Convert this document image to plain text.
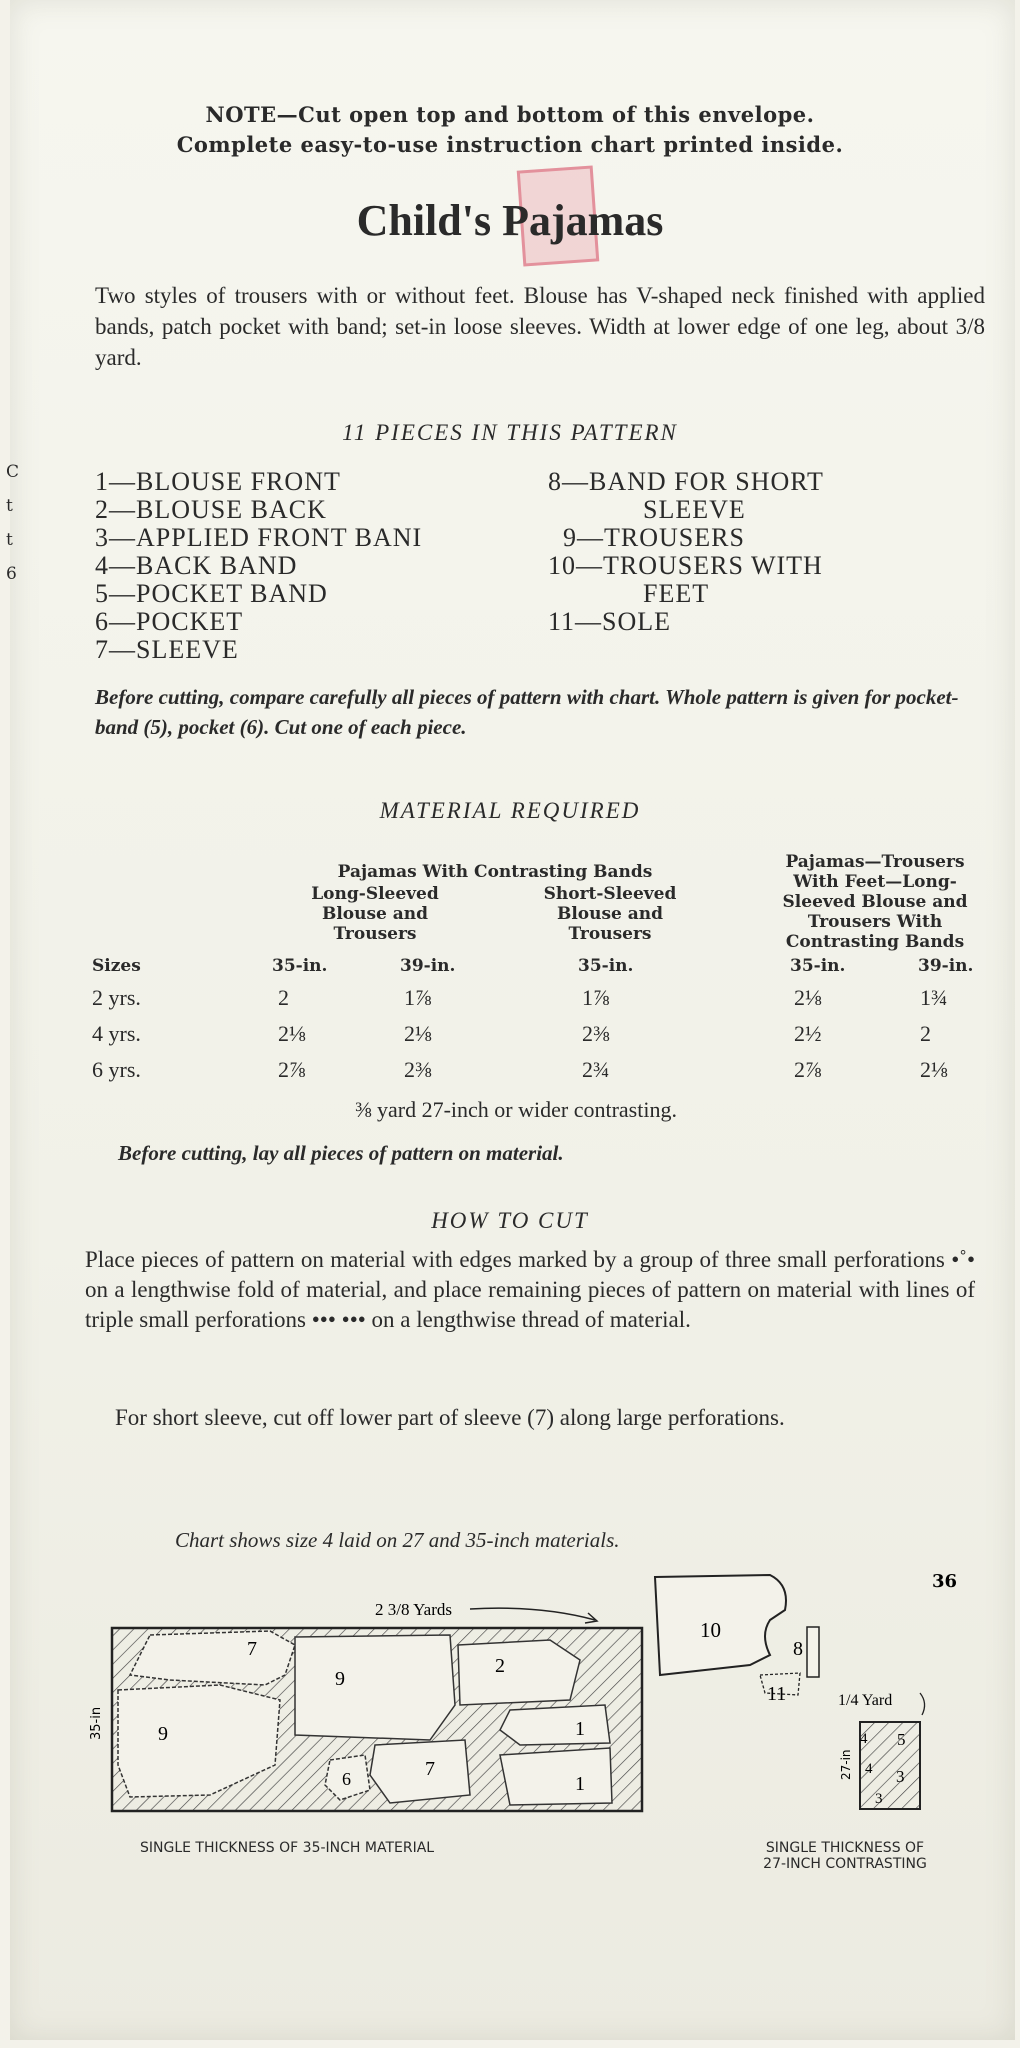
C
t
t
6
NOTE—Cut open top and bottom of this envelope.
Complete easy-to-use instruction chart printed inside.
Child's Pajamas
Two styles of trousers with or without feet. Blouse has V-shaped neck finished with applied bands, patch pocket with band; set-in loose sleeves. Width at lower edge of one leg, about 3/8 yard.
11 PIECES IN THIS PATTERN
1—BLOUSE FRONT
2—BLOUSE BACK
3—APPLIED FRONT BANI
4—BACK BAND
5—POCKET BAND
6—POCKET
7—SLEEVE
8—BAND FOR SHORT
SLEEVE
9—TROUSERS
10—TROUSERS WITH
FEET
11—SOLE
Before cutting, compare carefully all pieces of pattern with chart. Whole pattern is given for pocket-band (5), pocket (6). Cut one of each piece.
MATERIAL REQUIRED
Pajamas With Contrasting Bands
Long-Sleeved Blouse and Trousers
Short-Sleeved Blouse and Trousers
Pajamas—Trousers With Feet—Long-Sleeved Blouse and Trousers With Contrasting Bands
Sizes	35-in.	39-in.	35-in.	35-in.	39-in.
2 yrs.	2	1⅞	1⅞	2⅛	1¾
4 yrs.	2⅛	2⅛	2⅜	2½	2
6 yrs.	2⅞	2⅜	2¾	2⅞	2⅛
⅜ yard 27-inch or wider contrasting.
Before cutting, lay all pieces of pattern on material.
HOW TO CUT
Place pieces of pattern on material with edges marked by a group of three small perforations •˚• on a lengthwise fold of material, and place remaining pieces of pattern on material with lines of triple small perforations ••• ••• on a lengthwise thread of material.
For short sleeve, cut off lower part of sleeve (7) along large perforations.
Chart shows size 4 laid on 27 and 35-inch materials.
7
9
9
2
1
1
7
6
35-in
2 3/8 Yards
10
8
11	1/4 Yard
4 5
4 3
3
27-in
36
SINGLE THICKNESS OF 35-INCH MATERIAL	SINGLE THICKNESS OF
27-INCH CONTRASTING
